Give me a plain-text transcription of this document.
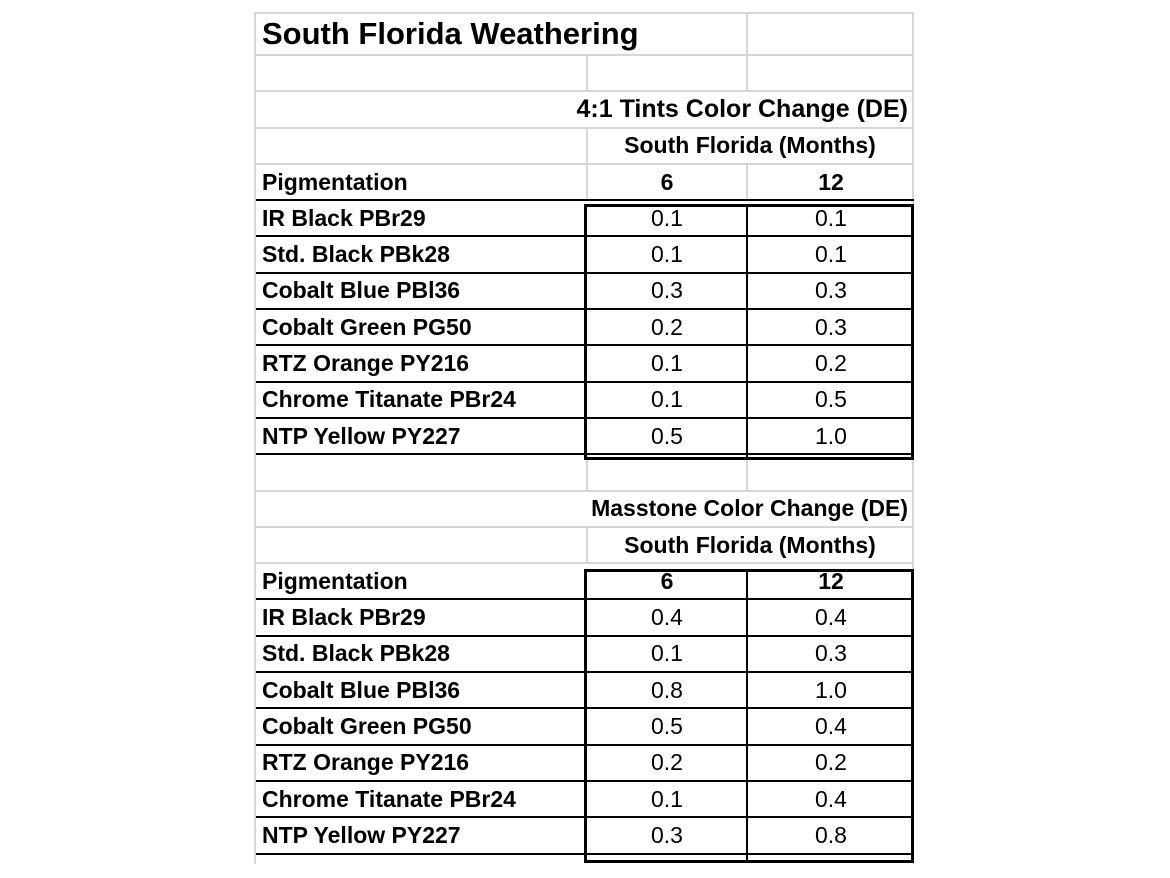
South Florida Weathering
4:1 Tints Color Change (DE)
South Florida (Months)
Pigmentation	6	12
IR Black PBr29	0.1	0.1
Std. Black PBk28	0.1	0.1
Cobalt Blue PBl36	0.3	0.3
Cobalt Green PG50	0.2	0.3
RTZ Orange PY216	0.1	0.2
Chrome Titanate PBr24	0.1	0.5
NTP Yellow PY227	0.5	1.0
Masstone Color Change (DE)
South Florida (Months)
Pigmentation	6	12
IR Black PBr29	0.4	0.4
Std. Black PBk28	0.1	0.3
Cobalt Blue PBl36	0.8	1.0
Cobalt Green PG50	0.5	0.4
RTZ Orange PY216	0.2	0.2
Chrome Titanate PBr24	0.1	0.4
NTP Yellow PY227	0.3	0.8
